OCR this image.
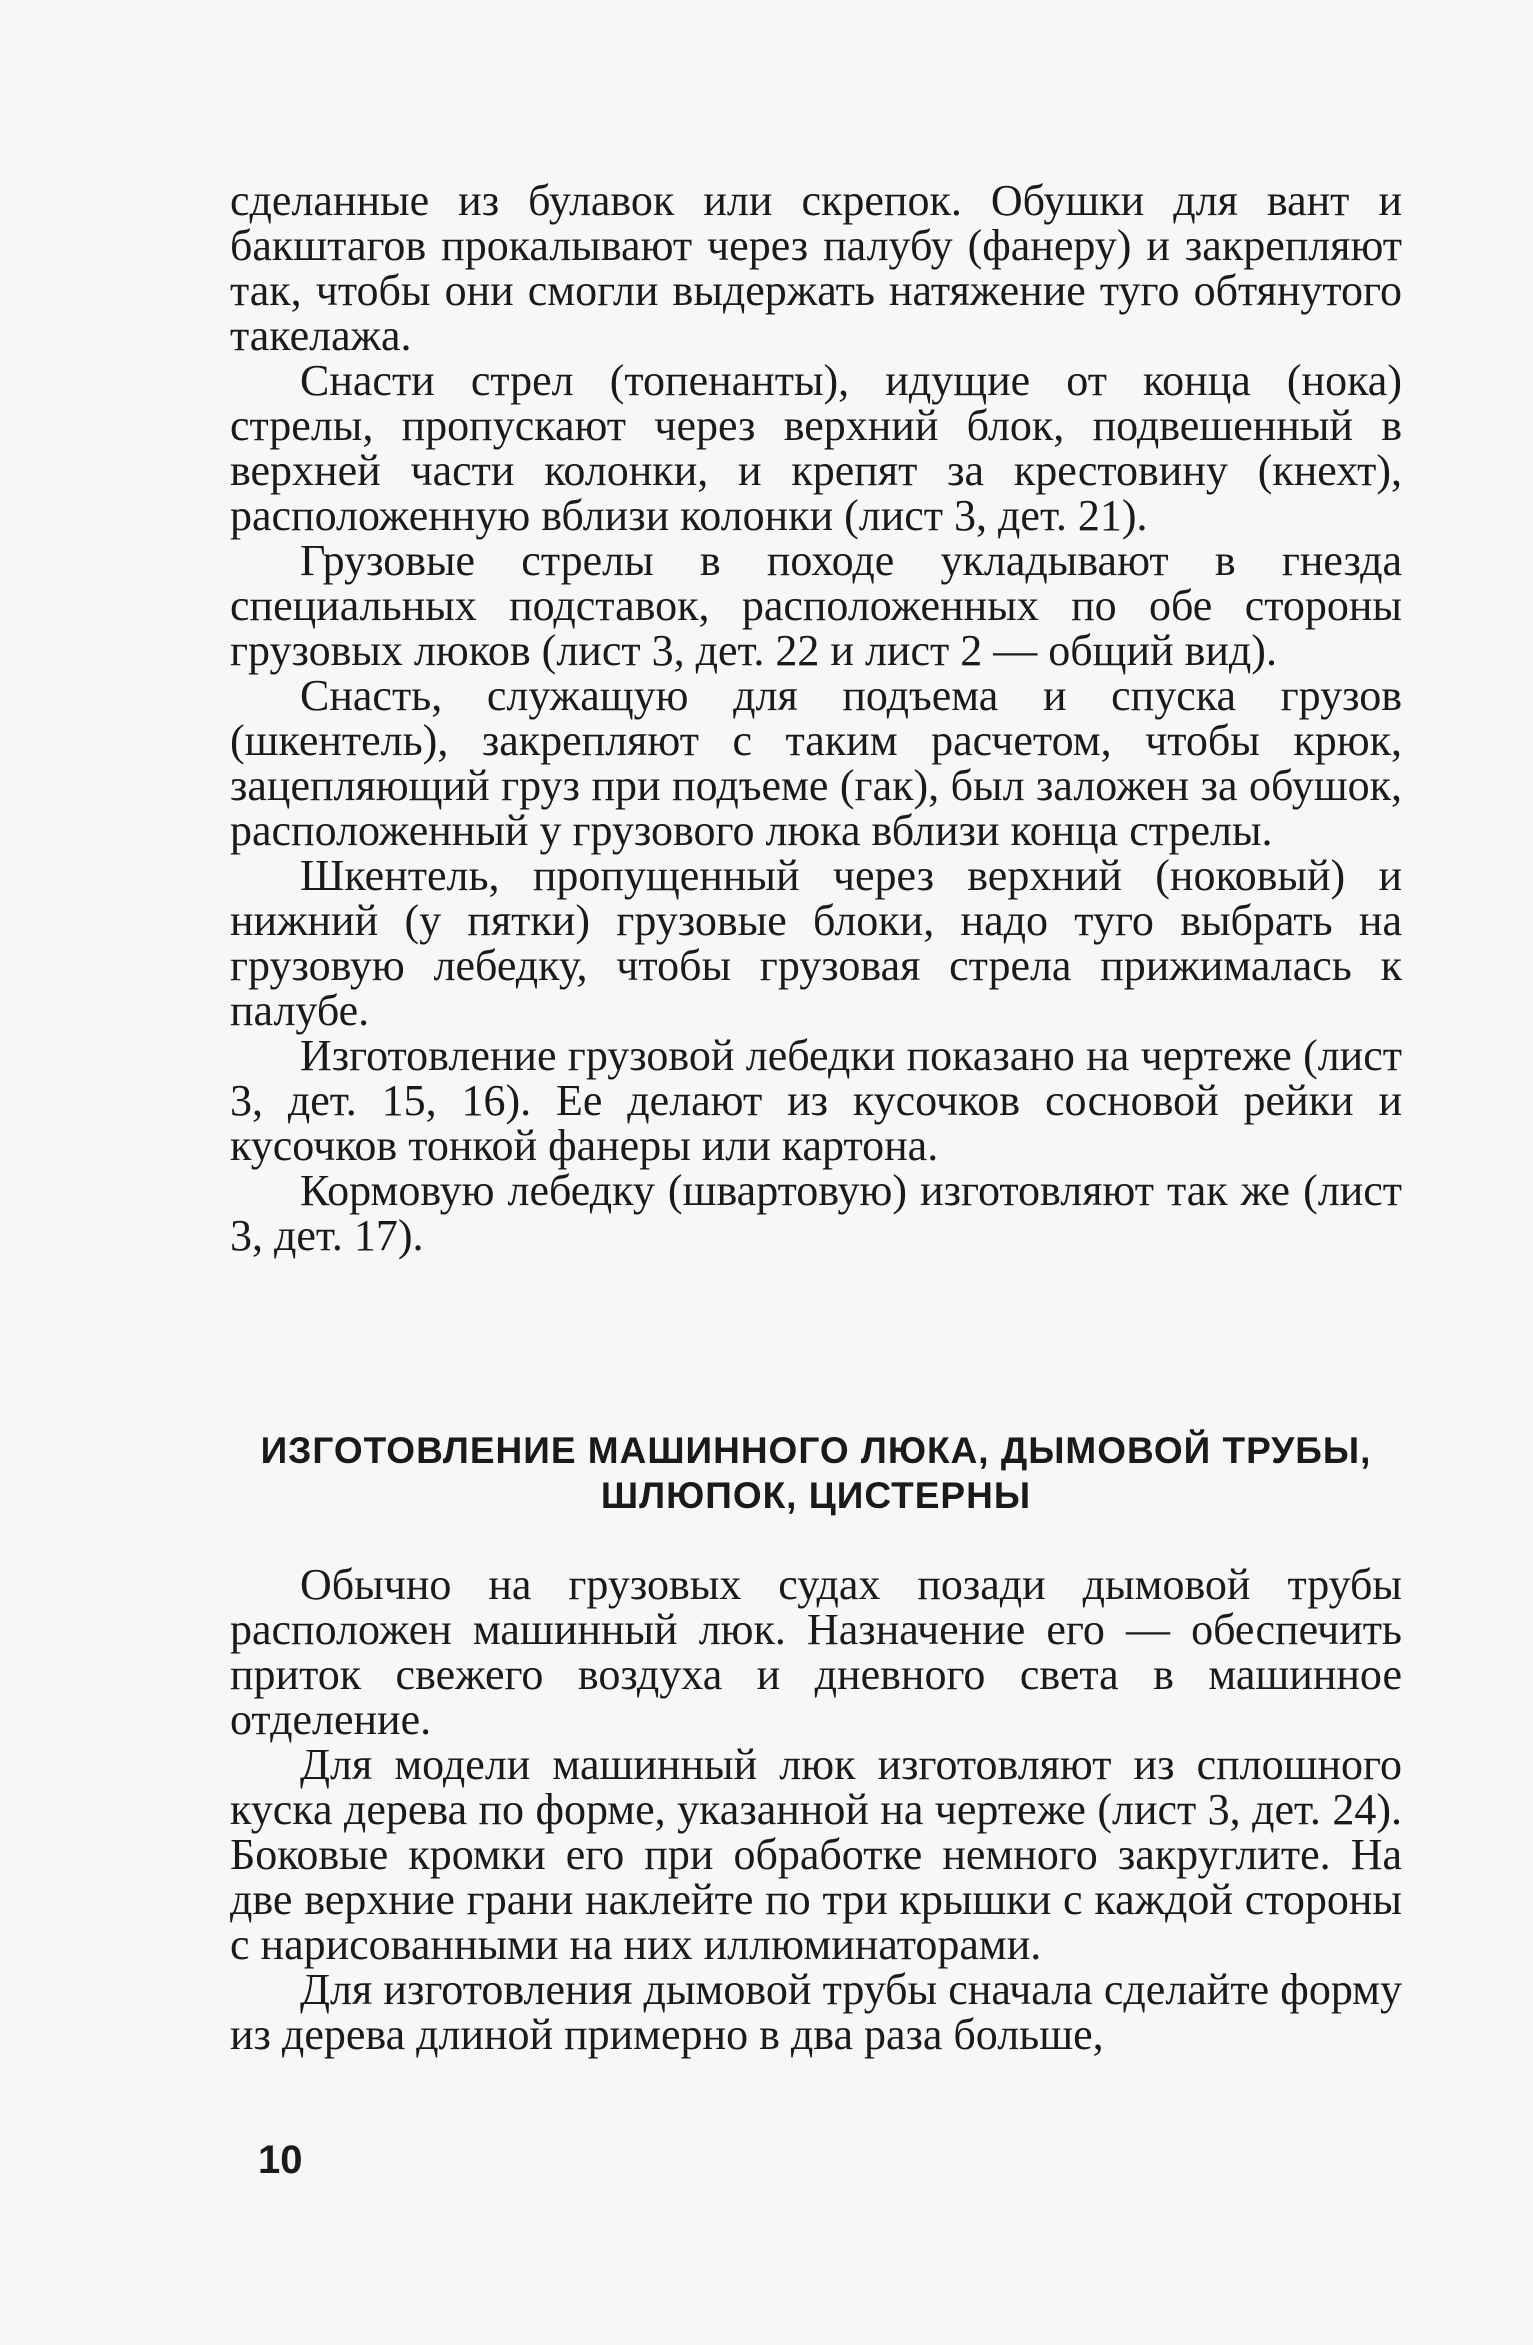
сделанные из булавок или скрепок. Обушки для вант и бакштагов прокалывают через палубу (фанеру) и закрепляют так, чтобы они смогли выдержать натяжение туго обтянутого такелажа.

Снасти стрел (топенанты), идущие от конца (нока) стрелы, пропускают через верхний блок, подвешенный в верхней части колонки, и крепят за крестовину (кнехт), расположенную вблизи колонки (лист 3, дет. 21).

Грузовые стрелы в походе укладывают в гнезда специальных подставок, расположенных по обе стороны грузовых люков (лист 3, дет. 22 и лист 2 — общий вид).

Снасть, служащую для подъема и спуска грузов (шкентель), закрепляют с таким расчетом, чтобы крюк, зацепляющий груз при подъеме (гак), был заложен за обушок, расположенный у грузового люка вблизи конца стрелы.

Шкентель, пропущенный через верхний (ноковый) и нижний (у пятки) грузовые блоки, надо туго выбрать на грузовую лебедку, чтобы грузовая стрела прижималась к палубе.

Изготовление грузовой лебедки показано на чертеже (лист 3, дет. 15, 16). Ее делают из кусочков сосновой рейки и кусочков тонкой фанеры или картона.

Кормовую лебедку (швартовую) изготовляют так же (лист 3, дет. 17).

ИЗГОТОВЛЕНИЕ МАШИННОГО ЛЮКА, ДЫМОВОЙ ТРУБЫ,
ШЛЮПОК, ЦИСТЕРНЫ

Обычно на грузовых судах позади дымовой трубы расположен машинный люк. Назначение его — обеспечить приток свежего воздуха и дневного света в машинное отделение.

Для модели машинный люк изготовляют из сплошного куска дерева по форме, указанной на чертеже (лист 3, дет. 24). Боковые кромки его при обработке немного закруглите. На две верхние грани наклейте по три крышки с каждой стороны с нарисованными на них иллюминаторами.

Для изготовления дымовой трубы сначала сделайте форму из дерева длиной примерно в два раза больше,

10
